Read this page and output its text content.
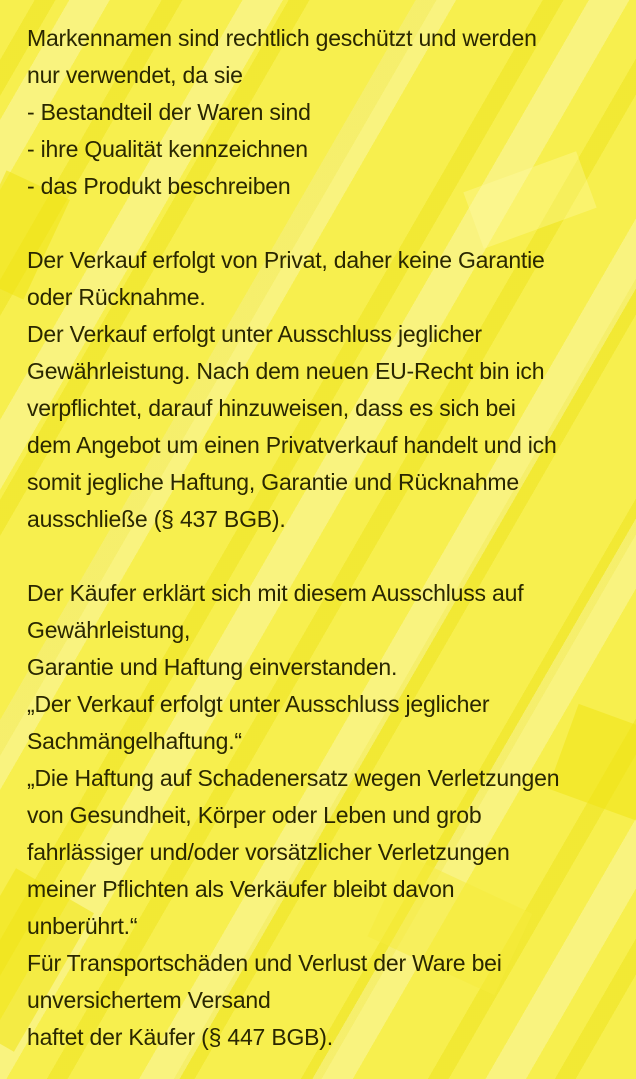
Markennamen sind rechtlich geschützt und werden
nur verwendet, da sie
- Bestandteil der Waren sind
- ihre Qualität kennzeichnen
- das Produkt beschreiben
Der Verkauf erfolgt von Privat, daher keine Garantie
oder Rücknahme.
Der Verkauf erfolgt unter Ausschluss jeglicher
Gewährleistung. Nach dem neuen EU-Recht bin ich
verpflichtet, darauf hinzuweisen, dass es sich bei
dem Angebot um einen Privatverkauf handelt und ich
somit jegliche Haftung, Garantie und Rücknahme
ausschließe (§ 437 BGB).
Der Käufer erklärt sich mit diesem Ausschluss auf
Gewährleistung,
Garantie und Haftung einverstanden.
„Der Verkauf erfolgt unter Ausschluss jeglicher
Sachmängelhaftung.“
„Die Haftung auf Schadenersatz wegen Verletzungen
von Gesundheit, Körper oder Leben und grob
fahrlässiger und/oder vorsätzlicher Verletzungen
meiner Pflichten als Verkäufer bleibt davon
unberührt.“
Für Transportschäden und Verlust der Ware bei
unversichertem Versand
haftet der Käufer (§ 447 BGB).
